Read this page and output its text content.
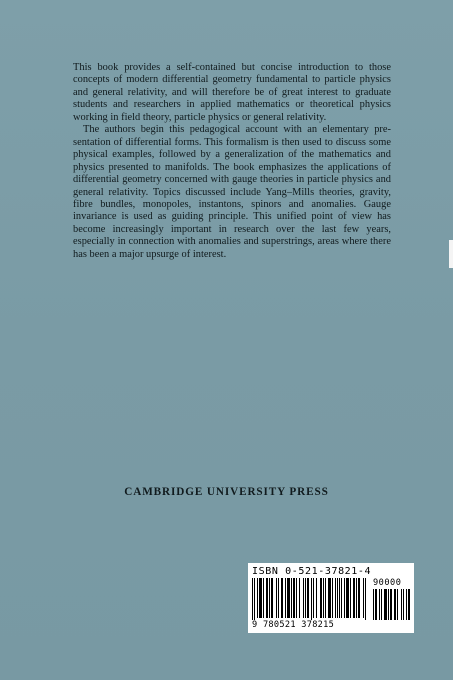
This book provides a self-contained but concise introduction to those concepts of modern differential geometry fundamental to particle physics and general relativity, and will therefore be of great interest to graduate students and researchers in applied mathematics or theoretical physics working in field theory, particle physics or general relativity.

The authors begin this pedagogical account with an elementary presentation of differential forms. This formalism is then used to discuss some physical examples, followed by a generalization of the mathematics and physics presented to manifolds. The book emphasizes the applications of differential geometry concerned with gauge theories in particle physics and general relativity. Topics discussed include Yang–Mills theories, gravity, fibre bundles, monopoles, instantons, spinors and anomalies. Gauge invariance is used as guiding principle. This unified point of view has become increasingly important in research over the last few years, especially in connection with anomalies and superstrings, areas where there has been a major upsurge of interest.

CAMBRIDGE UNIVERSITY PRESS
ISBN 0-521-37821-4
90000
9 780521 378215
